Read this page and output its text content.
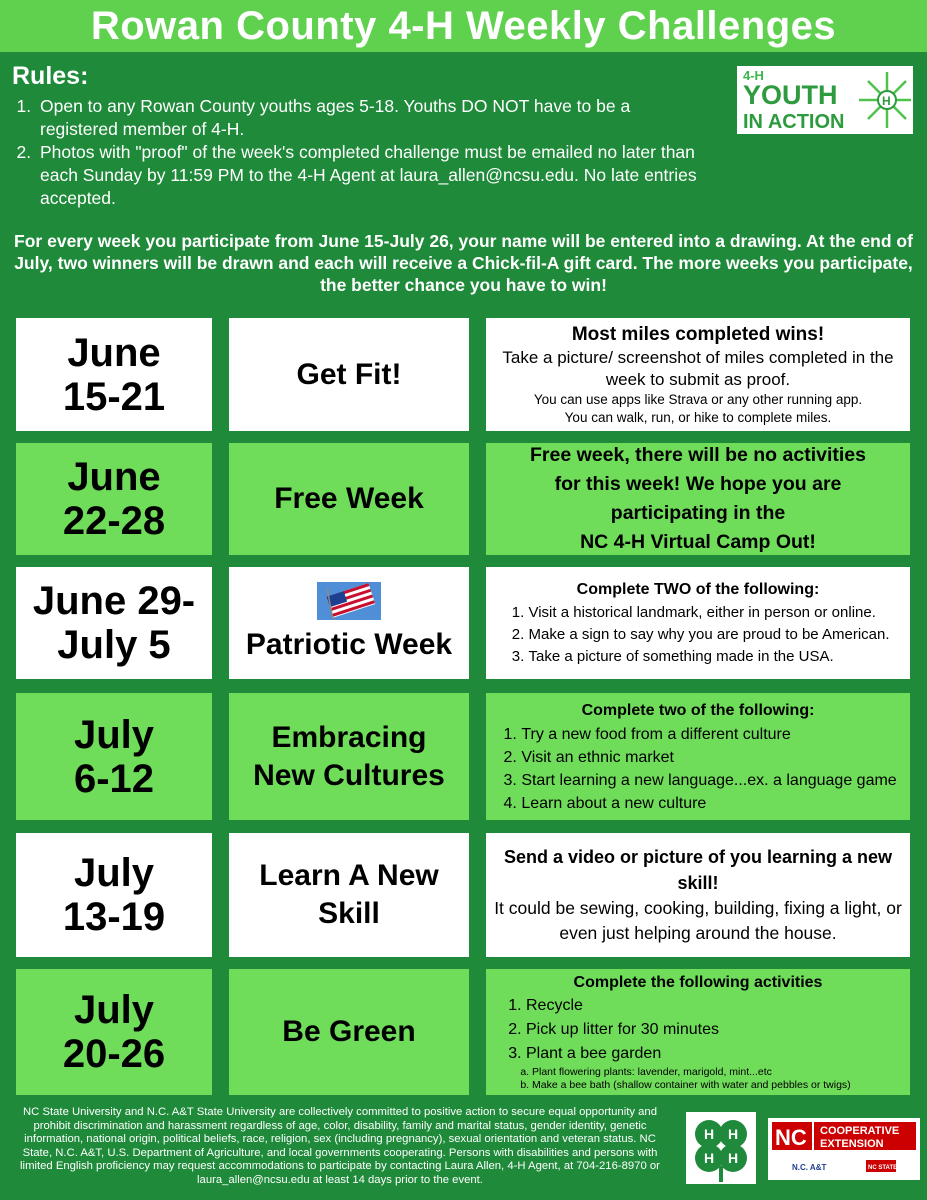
Rowan County 4-H Weekly Challenges
Rules:
1. Open to any Rowan County youths ages 5-18. Youths DO NOT have to be a registered member of 4-H.
2. Photos with "proof" of the week's completed challenge must be emailed no later than each Sunday by 11:59 PM to the 4-H Agent at laura_allen@ncsu.edu. No late entries accepted.
4-H
YOUTH
IN ACTION
H
For every week you participate from June 15-July 26, your name will be entered into a drawing. At the end of July, two winners will be drawn and each will receive a Chick-fil-A gift card. The more weeks you participate, the better chance you have to win!
June
15-21
Get Fit!
Most miles completed wins!
Take a picture/ screenshot of miles completed in the week to submit as proof.
You can use apps like Strava or any other running app.
You can walk, run, or hike to complete miles.
June
22-28
Free Week
Free week, there will be no activities
for this week! We hope you are
participating in the
NC 4-H Virtual Camp Out!
June 29-
July 5	Patriotic Week
Complete TWO of the following:
1. Visit a historical landmark, either in person or online.
2. Make a sign to say why you are proud to be American.
3. Take a picture of something made in the USA.
July
6-12
Embracing
New Cultures
Complete two of the following:
1. Try a new food from a different culture
2. Visit an ethnic market
3. Start learning a new language...ex. a language game
4. Learn about a new culture
July
13-19
Learn A New
Skill
Send a video or picture of you learning a new skill!
It could be sewing, cooking, building, fixing a light, or even just helping around the house.
July
20-26
Be Green
Complete the following activities
1. Recycle
2. Pick up litter for 30 minutes
3. Plant a bee garden
a. Plant flowering plants: lavender, marigold, mint...etc
b. Make a bee bath (shallow container with water and pebbles or twigs)
NC State University and N.C. A&T State University are collectively committed to positive action to secure equal opportunity and prohibit discrimination and harassment regardless of age, color, disability, family and marital status, gender identity, genetic information, national origin, political beliefs, race, religion, sex (including pregnancy), sexual orientation and veteran status. NC State, N.C. A&T, U.S. Department of Agriculture, and local governments cooperating. Persons with disabilities and persons with limited English proficiency may request accommodations to participate by contacting Laura Allen, 4-H Agent, at 704-216-8970 or laura_allen@ncsu.edu at least 14 days prior to the event.
H H
H H
NC COOPERATIVE
EXTENSION
N.C. A&T	NC STATE
